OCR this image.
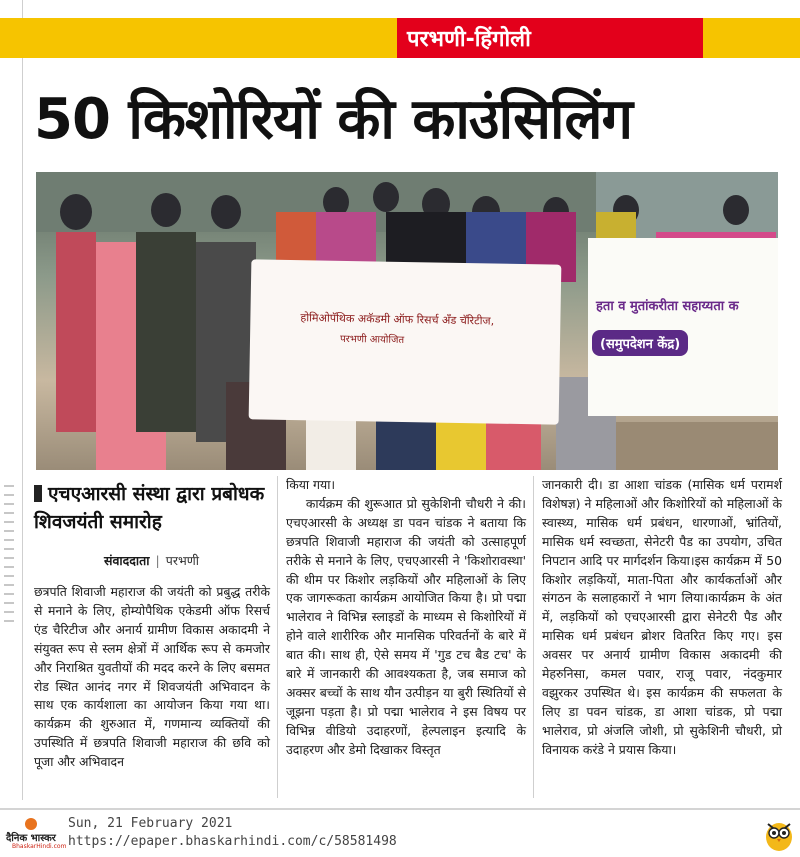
परभणी-हिंगोली
50 किशोरियों की काउंसिलिंग
होमिओपॅथिक अकॅडमी ऑफ रिसर्च अँड चॅरिटीज,
परभणी आयोजित
हता व मुतांकरीता सहाय्यता क
(समुपदेशन केंद्र)
एचएआरसी संस्था द्वारा प्रबोधक शिवजयंती समारोह
संवाददाता | परभणी

छत्रपति शिवाजी महाराज की जयंती को प्रबुद्ध तरीके से मनाने के लिए, होम्योपैथिक एकेडमी ऑफ रिसर्च एंड चैरिटीज और अनार्य ग्रामीण विकास अकादमी ने संयुक्त रूप से स्लम क्षेत्रों में आर्थिक रूप से कमजोर और निराश्रित युवतीयों की मदद करने के लिए बसमत रोड स्थित आनंद नगर में शिवजयंती अभिवादन के साथ एक कार्यशाला का आयोजन किया गया था। कार्यक्रम की शुरुआत में, गणमान्य व्यक्तियों की उपस्थिति में छत्रपति शिवाजी महाराज की छवि को पूजा और अभिवादन

किया गया।

कार्यक्रम की शुरूआत प्रो सुकेशिनी चौधरी ने की। एचएआरसी के अध्यक्ष डा पवन चांडक ने बताया कि छत्रपति शिवाजी महाराज की जयंती को उत्साहपूर्ण तरीके से मनाने के लिए, एचएआरसी ने 'किशोरावस्था' की थीम पर किशोर लड़कियों और महिलाओं के लिए एक जागरूकता कार्यक्रम आयोजित किया है। प्रो पद्मा भालेराव ने विभिन्न स्लाइडों के माध्यम से किशोरियों में होने वाले शारीरिक और मानसिक परिवर्तनों के बारे में बात की। साथ ही, ऐसे समय में 'गुड टच बैड टच' के बारे में जानकारी की आवश्यकता है, जब समाज को अक्सर बच्चों के साथ यौन उत्पीड़न या बुरी स्थितियों से जूझना पड़ता है। प्रो पद्मा भालेराव ने इस विषय पर विभिन्न वीडियो उदाहरणों, हेल्पलाइन इत्यादि के उदाहरण और डेमो दिखाकर विस्तृत

जानकारी दी। डा आशा चांडक (मासिक धर्म परामर्श विशेषज्ञ) ने महिलाओं और किशोरियों को महिलाओं के स्वास्थ्य, मासिक धर्म प्रबंधन, धारणाओं, भ्रांतियों, मासिक धर्म स्वच्छता, सेनेटरी पैड का उपयोग, उचित निपटान आदि पर मार्गदर्शन किया।इस कार्यक्रम में 50 किशोर लड़कियों, माता-पिता और कार्यकर्ताओं और संगठन के सलाहकारों ने भाग लिया।कार्यक्रम के अंत में, लड़कियों को एचएआरसी द्वारा सेनेटरी पैड और मासिक धर्म प्रबंधन ब्रोशर वितरित किए गए। इस अवसर पर अनार्य ग्रामीण विकास अकादमी की मेहरुनिसा, कमल पवार, राजू पवार, नंदकुमार वझुरकर उपस्थित थे। इस कार्यक्रम की सफलता के लिए डा पवन चांडक, डा आशा चांडक, प्रो पद्मा भालेराव, प्रो अंजलि जोशी, प्रो सुकेशिनी चौधरी, प्रो विनायक करंडे ने प्रयास किया।

दैनिक भास्कर
BhaskarHindi.com
Sun, 21 February 2021
https://epaper.bhaskarhindi.com/c/58581498
